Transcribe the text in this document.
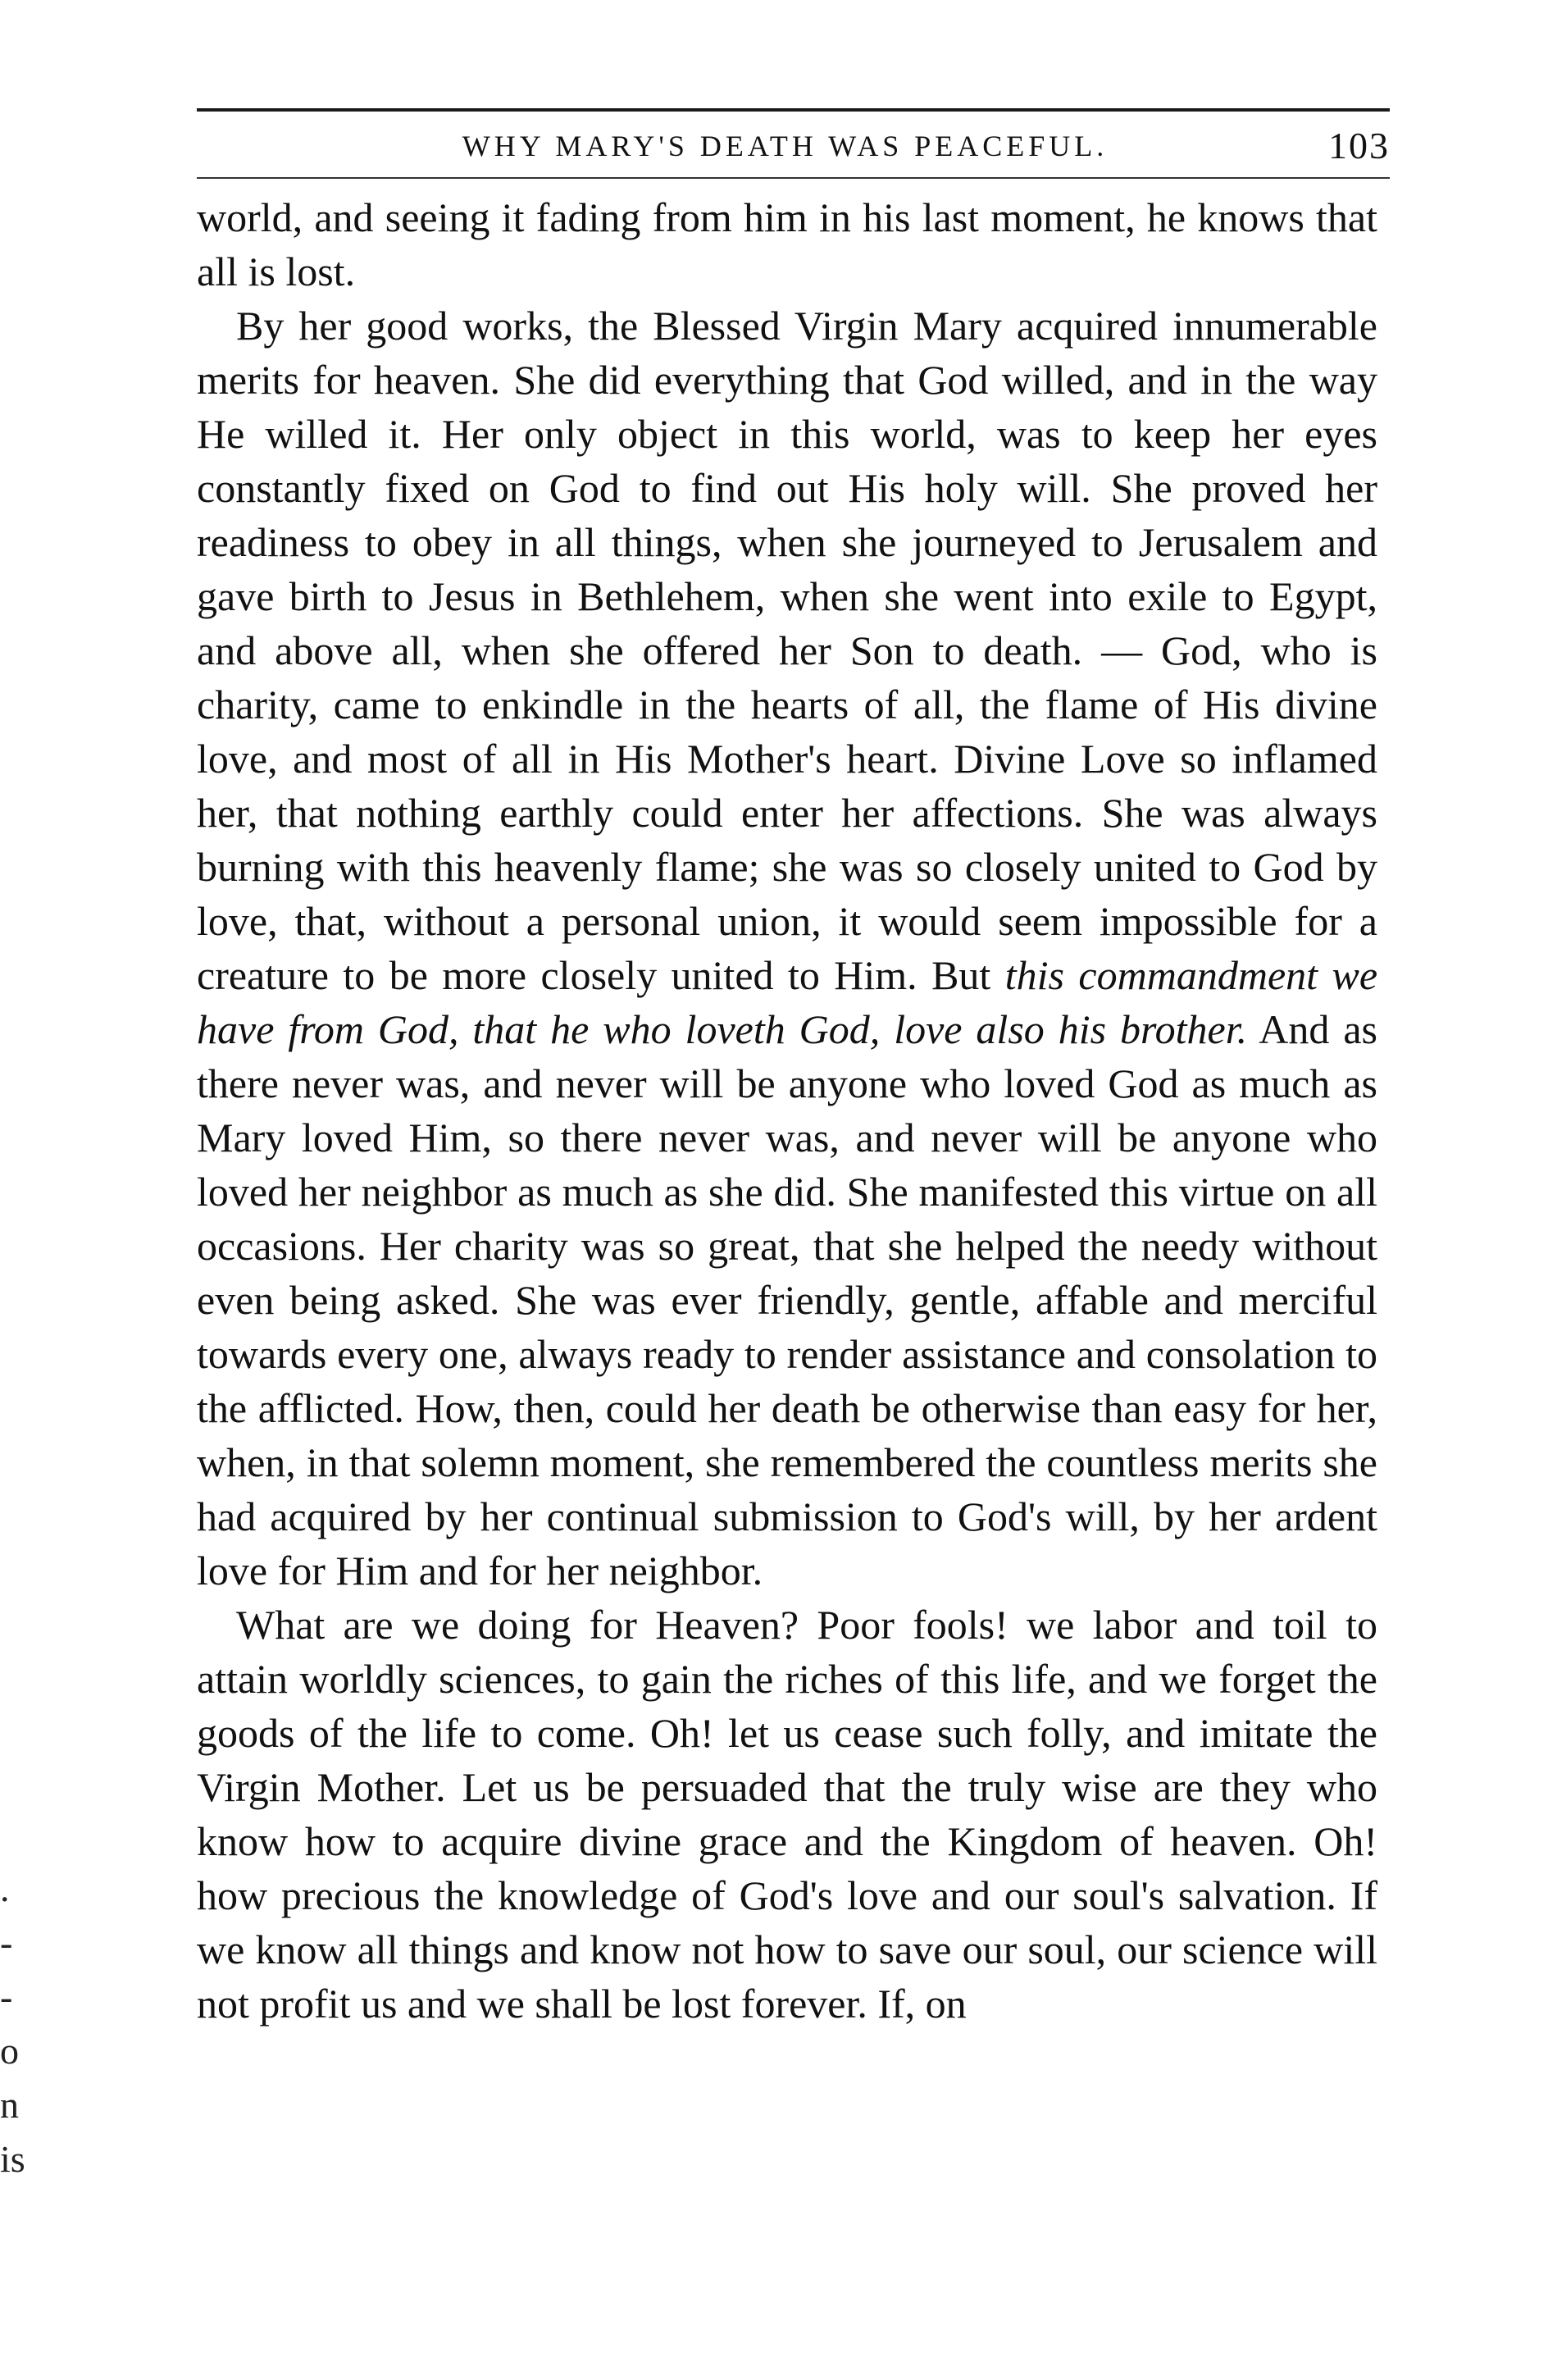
WHY MARY'S DEATH WAS PEACEFUL.	103

world, and seeing it fading from him in his last moment, he knows that all is lost.

By her good works, the Blessed Virgin Mary acquired innumerable merits for heaven. She did everything that God willed, and in the way He willed it. Her only object in this world, was to keep her eyes constantly fixed on God to find out His holy will. She proved her readiness to obey in all things, when she journeyed to Jerusalem and gave birth to Jesus in Bethlehem, when she went into exile to Egypt, and above all, when she offered her Son to death. — God, who is charity, came to enkindle in the hearts of all, the flame of His divine love, and most of all in His Mother's heart. Divine Love so inflamed her, that nothing earthly could enter her affections. She was always burning with this heavenly flame; she was so closely united to God by love, that, without a personal union, it would seem impossible for a creature to be more closely united to Him. But this commandment we have from God, that he who loveth God, love also his brother. And as there never was, and never will be anyone who loved God as much as Mary loved Him, so there never was, and never will be anyone who loved her neighbor as much as she did. She manifested this virtue on all occasions. Her charity was so great, that she helped the needy without even being asked. She was ever friendly, gentle, affable and merciful towards every one, always ready to render assistance and consolation to the afflicted. How, then, could her death be otherwise than easy for her, when, in that solemn moment, she remembered the countless merits she had acquired by her continual submission to God's will, by her ardent love for Him and for her neighbor.

What are we doing for Heaven? Poor fools! we labor and toil to attain worldly sciences, to gain the riches of this life, and we forget the goods of the life to come. Oh! let us cease such folly, and imitate the Virgin Mother. Let us be persuaded that the truly wise are they who know how to acquire divine grace and the Kingdom of heaven. Oh! how precious the knowledge of God's love and our soul's salvation. If we know all things and know not how to save our soul, our science will not profit us and we shall be lost forever. If, on

.
-
-
o
n
is
